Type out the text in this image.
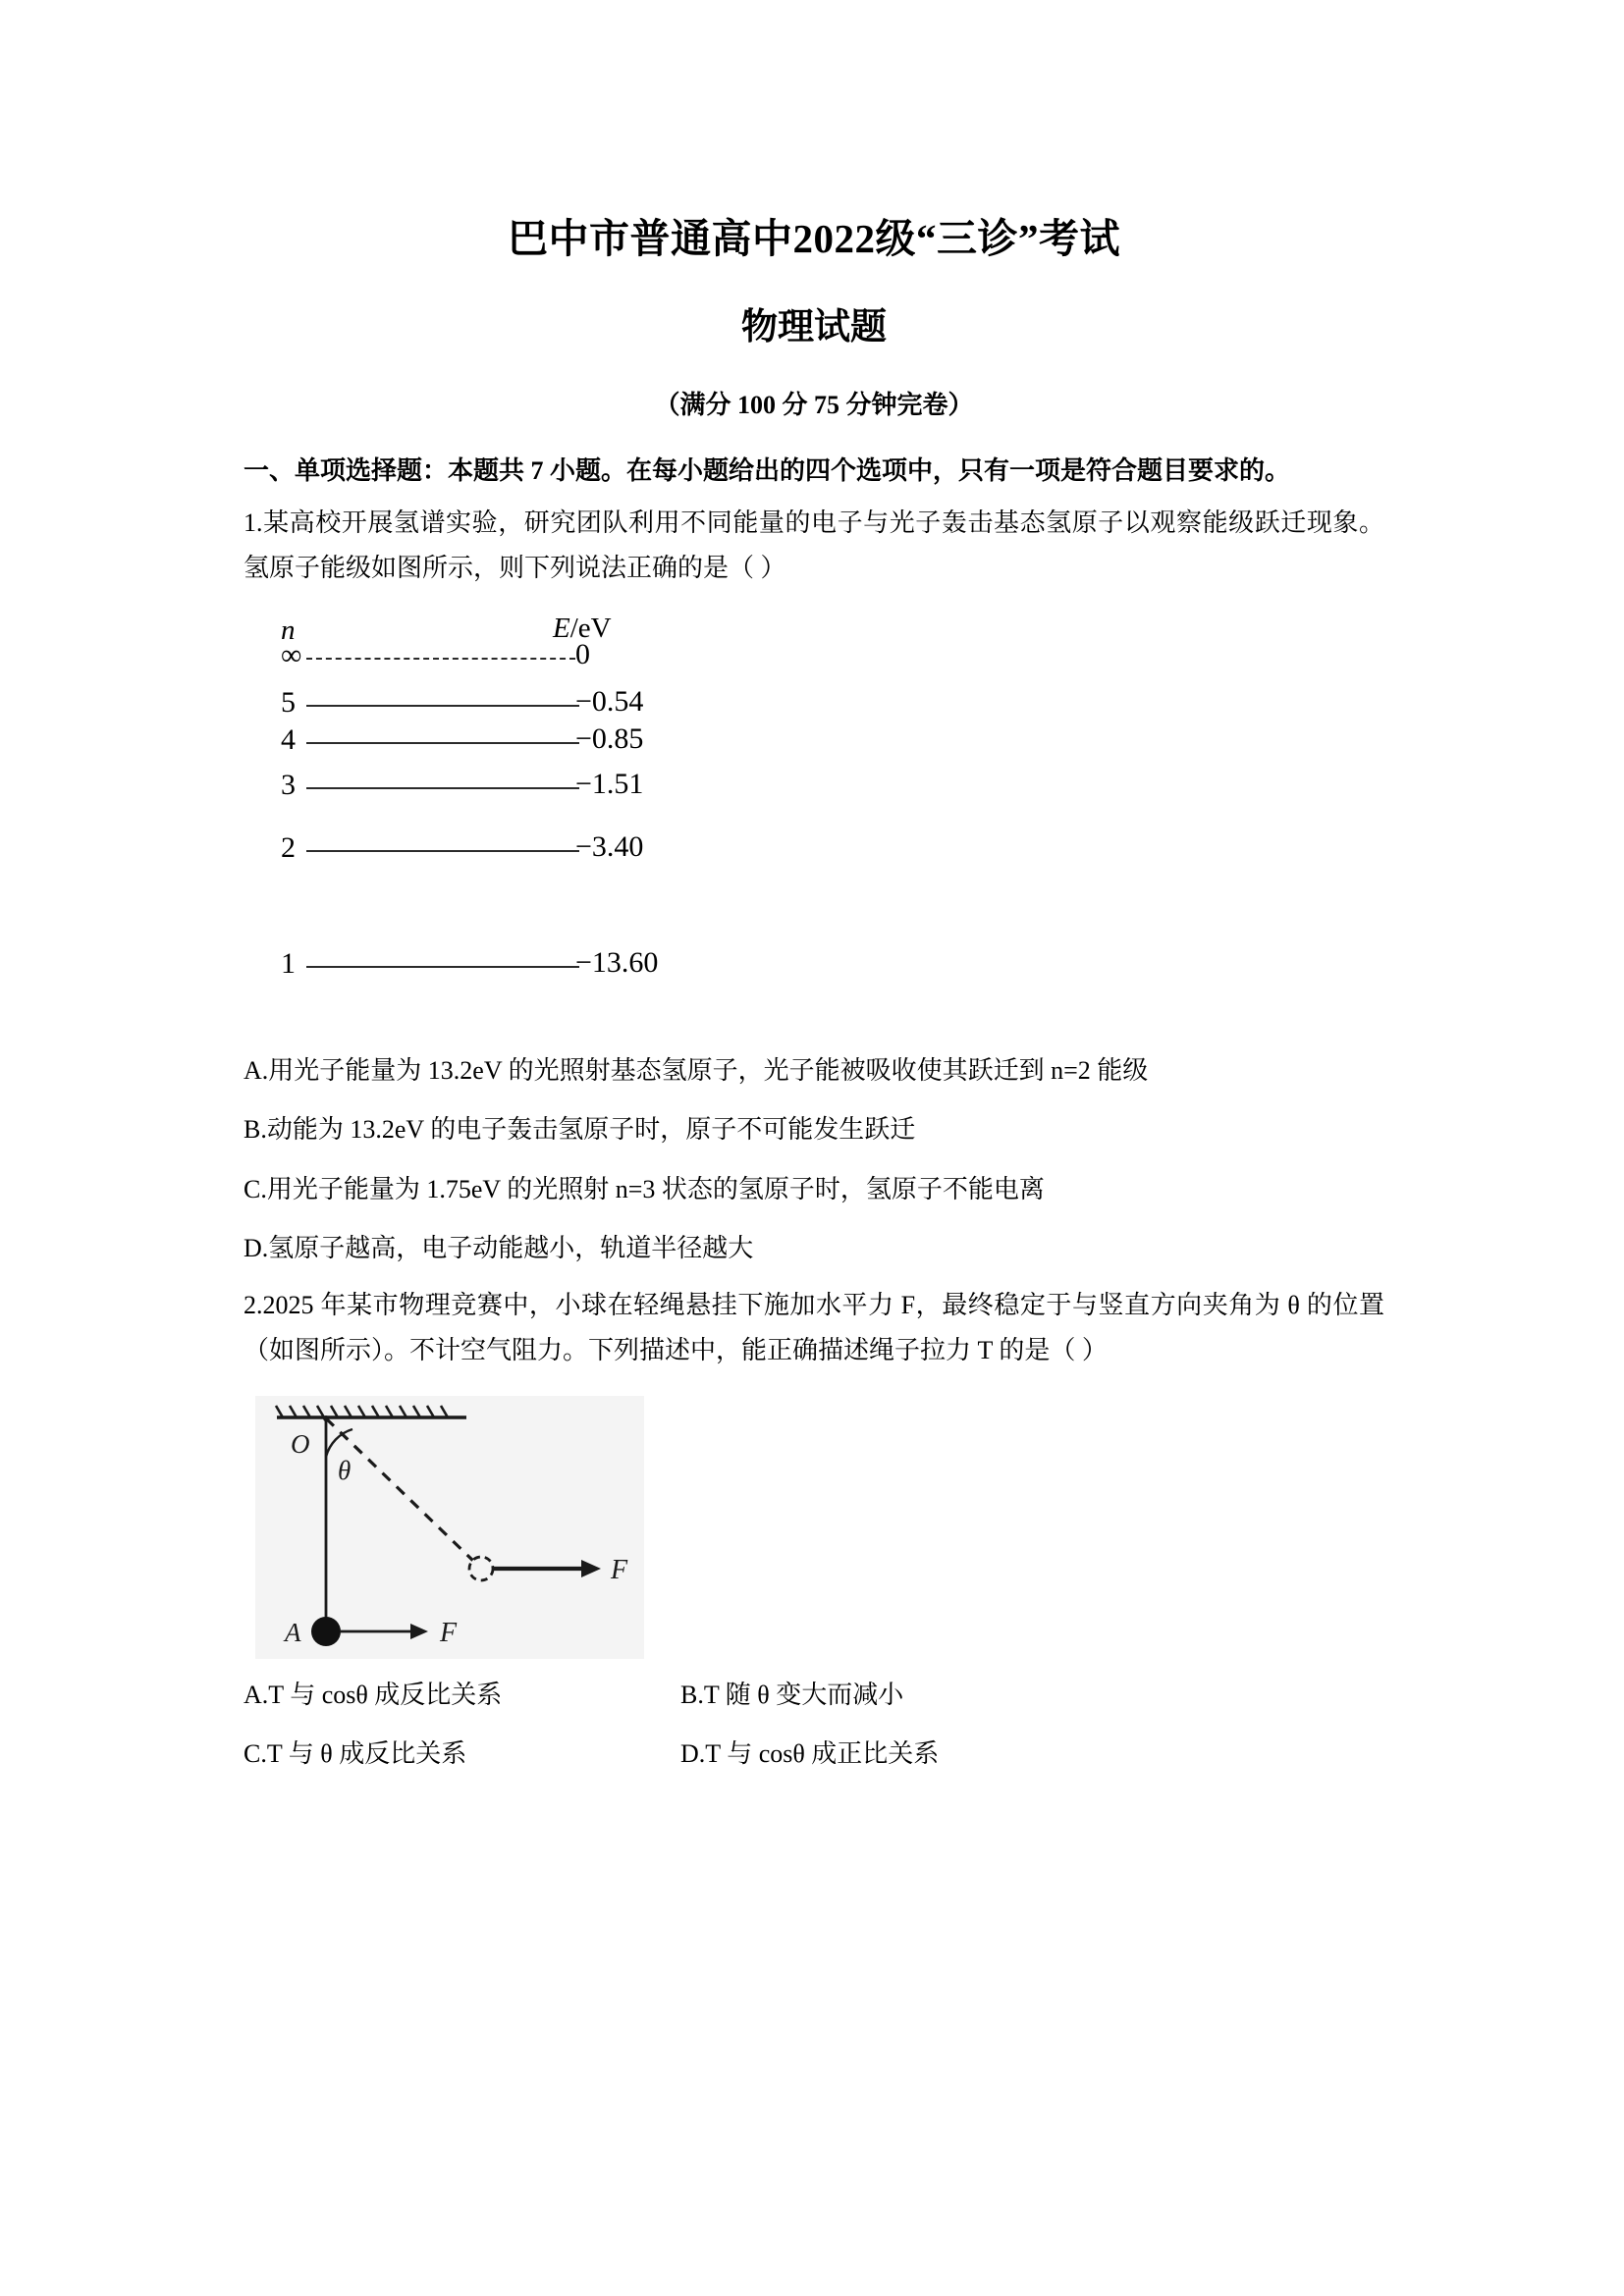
巴中市普通高中2022级“三诊”考试
物理试题

（满分 100 分 75 分钟完卷）

一、单项选择题：本题共 7 小题。在每小题给出的四个选项中，只有一项是符合题目要求的。

1.某高校开展氢谱实验，研究团队利用不同能量的电子与光子轰击基态氢原子以观察能级跃迁现象。氢原子能级如图所示，则下列说法正确的是（ ）

n	E/eV
∞	0
5	−0.54
4	−0.85
3	−1.51
2	−3.40
1	−13.60

A.用光子能量为 13.2eV 的光照射基态氢原子，光子能被吸收使其跃迁到 n=2 能级

B.动能为 13.2eV 的电子轰击氢原子时，原子不可能发生跃迁

C.用光子能量为 1.75eV 的光照射 n=3 状态的氢原子时，氢原子不能电离

D.氢原子越高，电子动能越小，轨道半径越大

2.2025 年某市物理竞赛中，小球在轻绳悬挂下施加水平力 F，最终稳定于与竖直方向夹角为 θ 的位置（如图所示）。不计空气阻力。下列描述中，能正确描述绳子拉力 T 的是（ ）

O
θ
A
F
F
A.T 与 cosθ 成反比关系	B.T 随 θ 变大而减小
C.T 与 θ 成反比关系	D.T 与 cosθ 成正比关系
